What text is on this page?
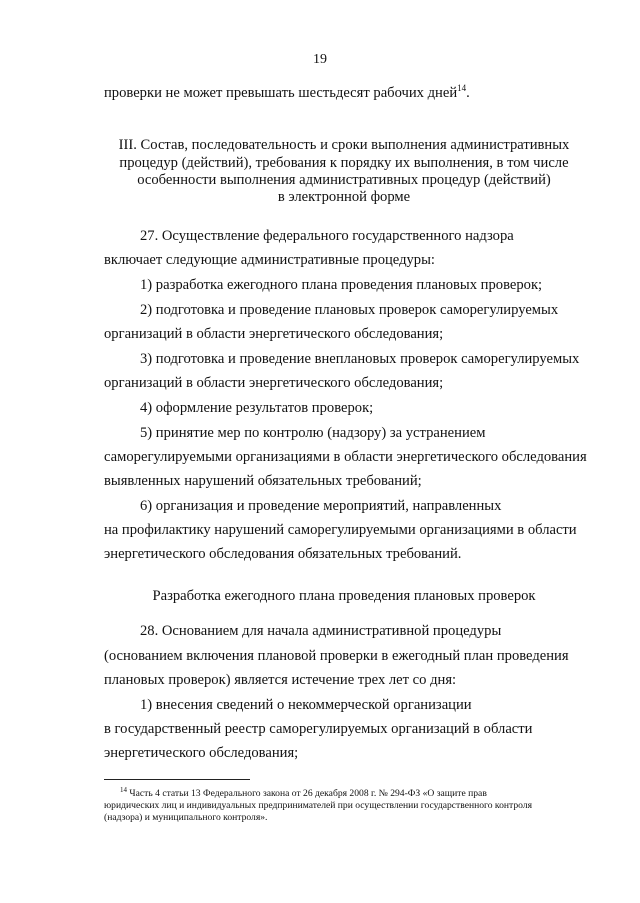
19
проверки не может превышать шестьдесят рабочих дней$^{14}$.
III. Состав, последовательность и сроки выполнения административных
процедур (действий), требования к порядку их выполнения, в том числе
особенности выполнения административных процедур (действий)
в электронной форме
27. Осуществление федерального государственного надзора
включает следующие административные процедуры:
1) разработка ежегодного плана проведения плановых проверок;
2) подготовка и проведение плановых проверок саморегулируемых
организаций в области энергетического обследования;
3) подготовка и проведение внеплановых проверок саморегулируемых
организаций в области энергетического обследования;
4) оформление результатов проверок;
5) принятие мер по контролю (надзору) за устранением
саморегулируемыми организациями в области энергетического обследования
выявленных нарушений обязательных требований;
6) организация и проведение мероприятий, направленных
на профилактику нарушений саморегулируемыми организациями в области
энергетического обследования обязательных требований.
Разработка ежегодного плана проведения плановых проверок
28. Основанием для начала административной процедуры
(основанием включения плановой проверки в ежегодный план проведения
плановых проверок) является истечение трех лет со дня:
1) внесения сведений о некоммерческой организации
в государственный реестр саморегулируемых организаций в области
энергетического обследования;
$^{14}$ Часть 4 статьи 13 Федерального закона от 26 декабря 2008 г. № 294-ФЗ «О защите прав
юридических лиц и индивидуальных предпринимателей при осуществлении государственного контроля
(надзора) и муниципального контроля».
